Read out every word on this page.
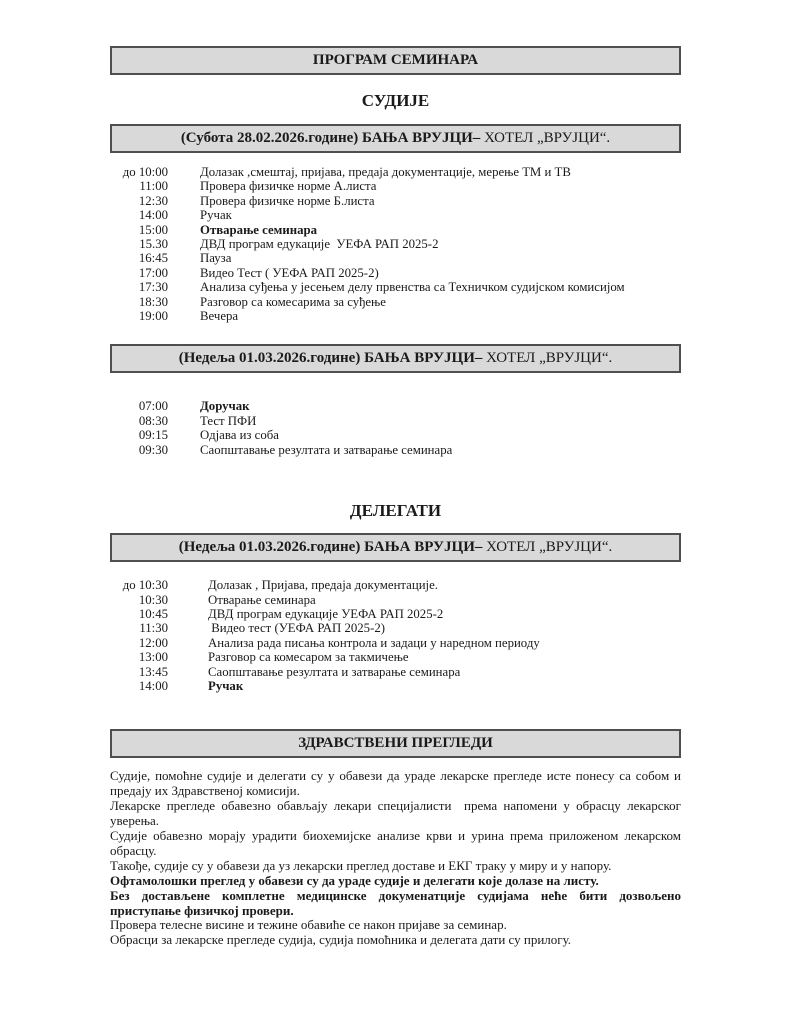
ПРОГРАМ СЕМИНАРА
СУДИЈЕ
(Субота 28.02.2026.године) БАЊА ВРУЈЦИ– ХОТЕЛ „ВРУЈЦИ“.
до 10:00	Долазак ,смештај, пријава, предаја документације, мерење ТМ и ТВ
11:00	Провера физичке норме А.листа
12:30	Провера физичке норме Б.листа
14:00	Ручак
15:00	Отварање семинара
15.30	ДВД програм едукације  УЕФА РАП 2025-2
16:45	Пауза
17:00	Видео Тест ( УЕФА РАП 2025-2)
17:30	Анализа суђења у јесењем делу првенства са Техничком судијском комисијом
18:30	Разговор са комесарима за суђење
19:00	Вечера
(Недеља 01.03.2026.године) БАЊА ВРУЈЦИ– ХОТЕЛ „ВРУЈЦИ“.
07:00	Доручак
08:30	Тест ПФИ
09:15	Одјава из соба
09:30	Саопштавање резултата и затварање семинара
ДЕЛЕГАТИ
(Недеља 01.03.2026.године) БАЊА ВРУЈЦИ– ХОТЕЛ „ВРУЈЦИ“.
до 10:30	Долазак , Пријава, предаја документације.
10:30	Отварање семинара
10:45	ДВД програм едукације УЕФА РАП 2025-2
11:30	Видео тест (УЕФА РАП 2025-2)
12:00	Анализа рада писања контрола и задаци у наредном периоду
13:00	Разговор са комесаром за такмичење
13:45	Саопштавање резултата и затварање семинара
14:00	Ручак
ЗДРАВСТВЕНИ ПРЕГЛЕДИ

Судије, помоћне судије и делегати су у обавези да ураде лекарске прегледе исте понесу са собом и предају их Здравственој комисији.

Лекарске прегледе обавезно обављају лекари специјалисти  према напомени у обрасцу лекарског уверења.

Судије обавезно морају урадити биохемијске анализе крви и урина према приложеном лекарском обрасцу.

Такође, судије су у обавези да уз лекарски преглед доставе и ЕКГ траку у миру и у напору.

Офтамолошки преглед у обавези су да ураде судије и делегати које долазе на листу.

Без достављене комплетне медицинске докуменатције судијама неће бити дозвољено приступање физичкој провери.

Провера телесне висине и тежине обавиће се након пријаве за семинар.

Обрасци за лекарске прегледе судија, судија помоћника и делегата дати су прилогу.
